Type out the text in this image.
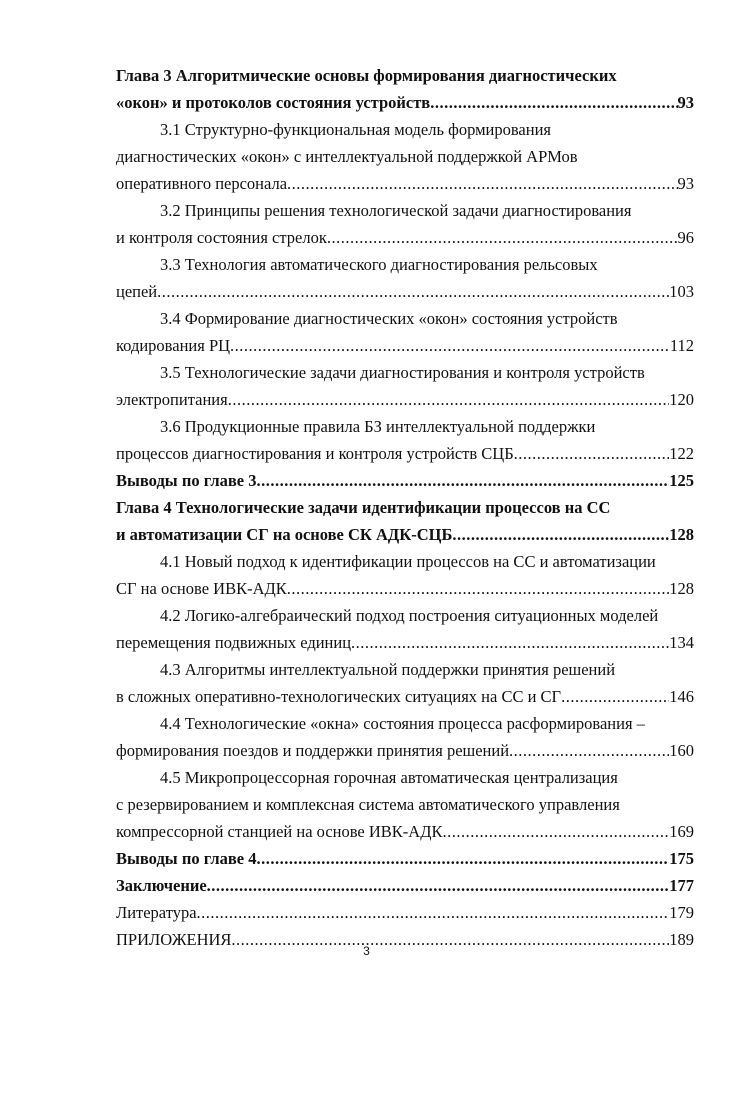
Глава 3 Алгоритмические основы формирования диагностических
«окон» и протоколов состояния устройств .....	93
3.1 Структурно-функциональная модель формирования
диагностических «окон» с интеллектуальной поддержкой АРМов
оперативного персонала .....	93
3.2 Принципы решения технологической задачи диагностирования
и контроля состояния стрелок .....	96
3.3 Технология автоматического диагностирования рельсовых
цепей .....	103
3.4 Формирование диагностических «окон» состояния устройств
кодирования РЦ .....	112
3.5 Технологические задачи диагностирования и контроля устройств
электропитания .....	120
3.6 Продукционные правила БЗ интеллектуальной поддержки
процессов диагностирования и контроля устройств СЦБ .....	122
Выводы по главе 3 .....	125
Глава 4 Технологические задачи идентификации процессов на СС
и автоматизации СГ на основе СК АДК-СЦБ .....	128
4.1 Новый подход к идентификации процессов на СС и автоматизации
СГ на основе ИВК-АДК .....	128
4.2 Логико-алгебраический подход построения ситуационных моделей
перемещения подвижных единиц .....	134
4.3 Алгоритмы интеллектуальной поддержки принятия решений
в сложных оперативно-технологических ситуациях на СС и СГ .....	146
4.4 Технологические «окна» состояния процесса расформирования –
формирования поездов и поддержки принятия решений .....	160
4.5 Микропроцессорная горочная автоматическая централизация
с резервированием и комплексная система автоматического управления
компрессорной станцией на основе ИВК-АДК .....	169
Выводы по главе 4 .....	175
Заключение .....	177
Литература .....	179
ПРИЛОЖЕНИЯ .....	189
3
